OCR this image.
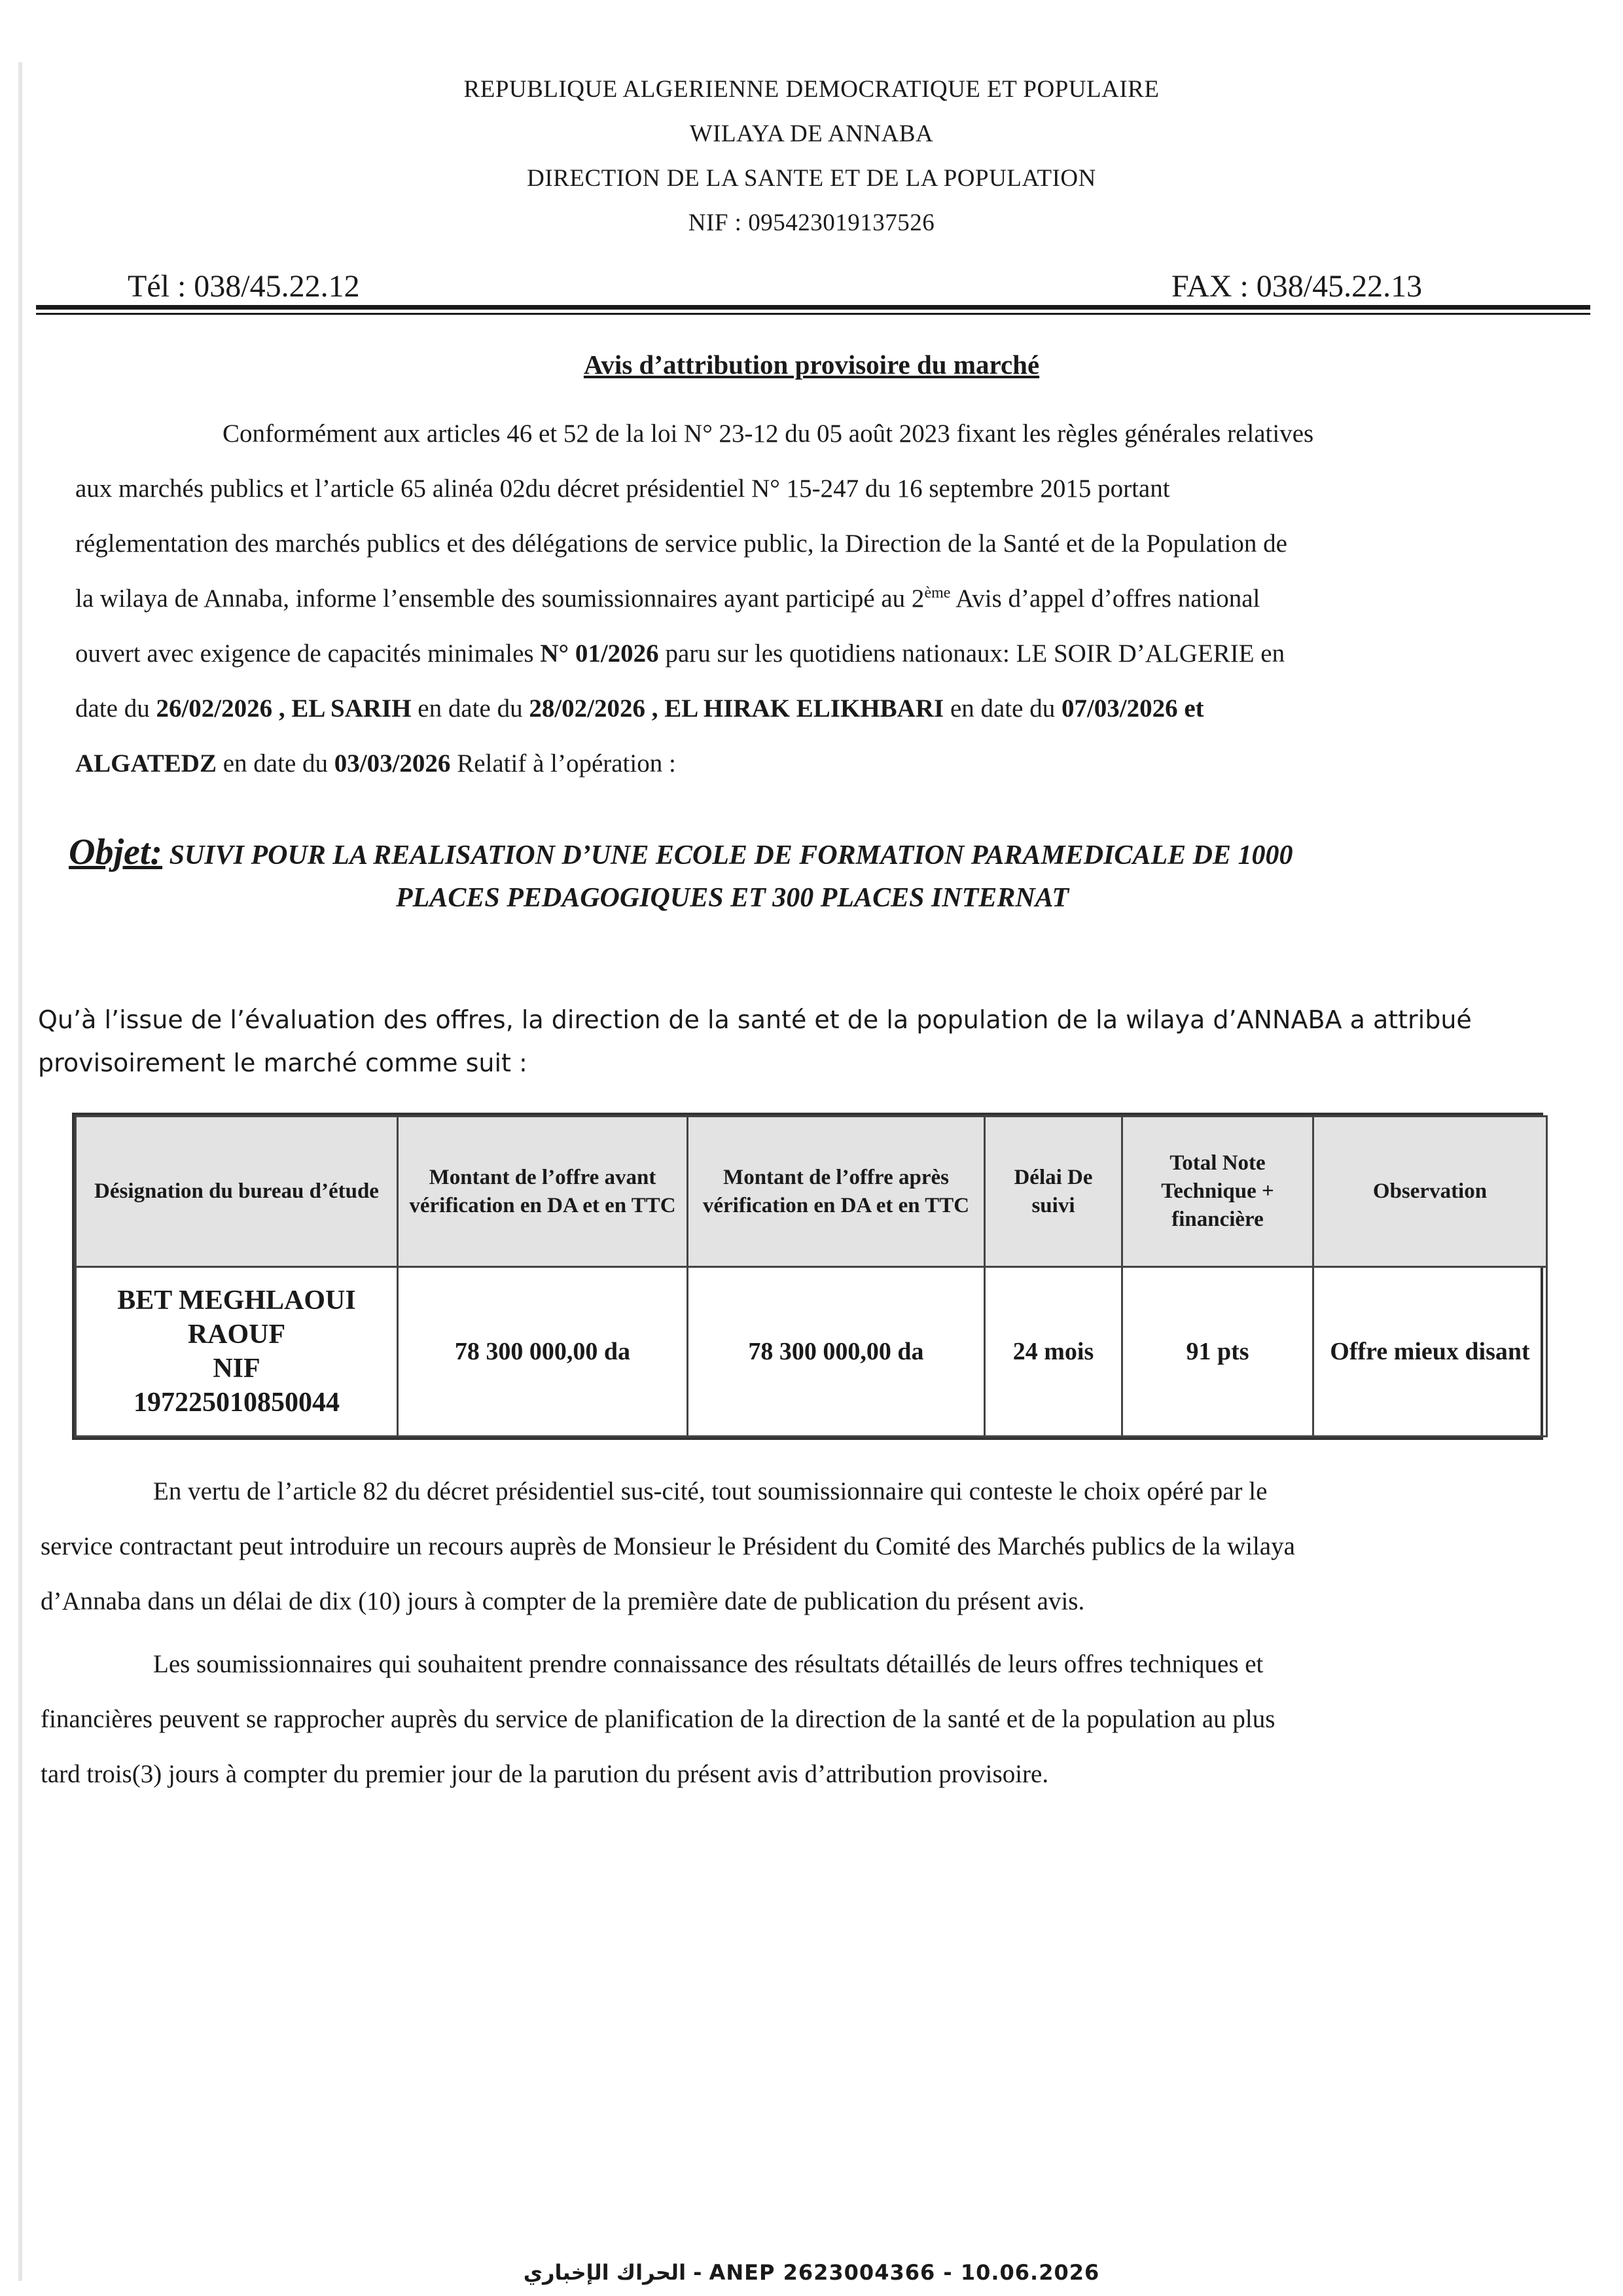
REPUBLIQUE ALGERIENNE DEMOCRATIQUE ET POPULAIRE
WILAYA DE ANNABA
DIRECTION DE LA SANTE ET DE LA POPULATION
NIF : 095423019137526
Tél : 038/45.22.12	FAX : 038/45.22.13
Avis d’attribution provisoire du marché
Conformément aux articles 46 et 52 de la loi N° 23-12 du 05 août 2023 fixant les règles générales relatives
aux marchés publics et l’article 65 alinéa 02du décret présidentiel N° 15-247 du 16 septembre 2015 portant
réglementation des marchés publics et des délégations de service public, la Direction de la Santé et de la Population de
la wilaya de Annaba, informe l’ensemble des soumissionnaires ayant participé au 2ème Avis d’appel d’offres national
ouvert avec exigence de capacités minimales N° 01/2026 paru sur les quotidiens nationaux: LE SOIR D’ALGERIE en
date du 26/02/2026 , EL SARIH en date du 28/02/2026 , EL HIRAK ELIKHBARI en date du 07/03/2026 et
ALGATEDZ en date du 03/03/2026 Relatif à l’opération :
Objet: SUIVI POUR LA REALISATION D’UNE ECOLE DE FORMATION PARAMEDICALE DE 1000
PLACES PEDAGOGIQUES ET 300 PLACES INTERNAT
Qu’à l’issue de l’évaluation des offres, la direction de la santé et de la population de la wilaya d’ANNABA a attribué provisoirement le marché comme suit :
Désignation du bureau d’étude	Montant de l’offre avant vérification en DA et en TTC	Montant de l’offre après vérification en DA et en TTC	Délai De suivi	Total Note Technique + financière	Observation

BET MEGHLAOUI
RAOUF
NIF
197225010850044	78 300 000,00 da	78 300 000,00 da	24 mois	91 pts	Offre mieux disant
En vertu de l’article 82 du décret présidentiel sus-cité, tout soumissionnaire qui conteste le choix opéré par le
service contractant peut introduire un recours auprès de Monsieur le Président du Comité des Marchés publics de la wilaya
d’Annaba dans un délai de dix (10) jours à compter de la première date de publication du présent avis.
Les soumissionnaires qui souhaitent prendre connaissance des résultats détaillés de leurs offres techniques et
financières peuvent se rapprocher auprès du service de planification de la direction de la santé et de la population au plus
tard trois(3) jours à compter du premier jour de la parution du présent avis d’attribution provisoire.
الحراك الإخباري - ANEP 2623004366 - 10.06.2026
